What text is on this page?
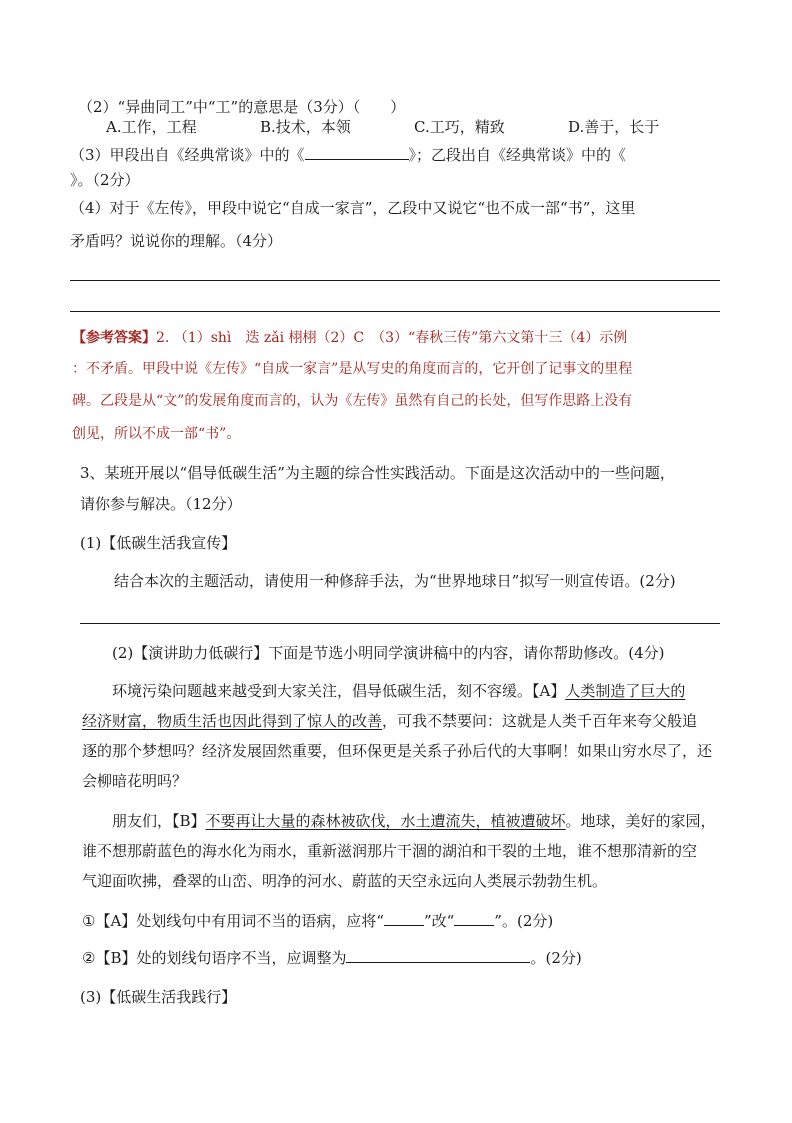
（2）“异曲同工”中“工”的意思是（3分）（　　）
A.工作，工程	B.技术，本领	C.工巧，精致	D.善于，长于
（3）甲段出自《经典常谈》中的《	》；乙段出自《经典常谈》中的《
》。（2分）
（4）对于《左传》，甲段中说它“自成一家言”，乙段中又说它“也不成一部“书”，这里
矛盾吗？说说你的理解。（4分）
【参考答案】2. （1）shì　迭 zǎi 栩栩（2）C　（3）“春秋三传”第六文第十三（4）示例
：不矛盾。甲段中说《左传》“自成一家言”是从写史的角度而言的，它开创了记事文的里程
碑。乙段是从“文”的发展角度而言的，认为《左传》虽然有自己的长处，但写作思路上没有
创见，所以不成一部“书”。
3、某班开展以“倡导低碳生活”为主题的综合性实践活动。下面是这次活动中的一些问题，
请你参与解决。（12分）
(1)【低碳生活我宣传】
结合本次的主题活动，请使用一种修辞手法，为“世界地球日”拟写一则宣传语。(2分)
(2)【演讲助力低碳行】下面是节选小明同学演讲稿中的内容，请你帮助修改。(4分)
环境污染问题越来越受到大家关注，倡导低碳生活，刻不容缓。【A】人类制造了巨大的
经济财富，物质生活也因此得到了惊人的改善，可我不禁要问：这就是人类千百年来夸父般追
逐的那个梦想吗？经济发展固然重要，但环保更是关系子孙后代的大事啊！如果山穷水尽了，还
会柳暗花明吗？
朋友们，【B】不要再让大量的森林被砍伐，水土遭流失，植被遭破坏。地球，美好的家园，
谁不想那蔚蓝色的海水化为雨水，重新滋润那片干涸的湖泊和干裂的土地，谁不想那清新的空
气迎面吹拂，叠翠的山峦、明净的河水、蔚蓝的天空永远向人类展示勃勃生机。
①【A】处划线句中有用词不当的语病，应将“	”改“	”。(2分)
②【B】处的划线句语序不当，应调整为	。(2分)
(3)【低碳生活我践行】
